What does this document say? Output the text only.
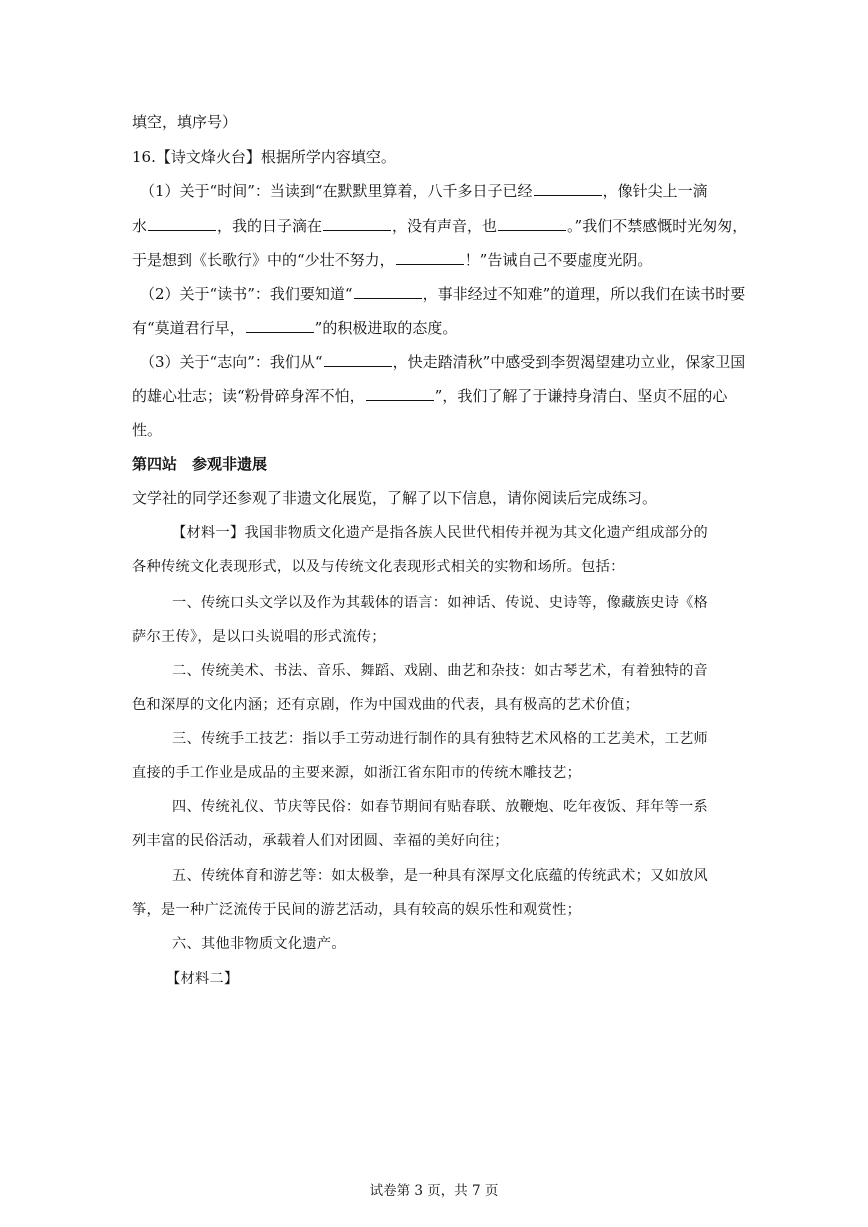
填空，填序号）
16.【诗文烽火台】根据所学内容填空。
（1）关于“时间”：当读到“在默默里算着，八千多日子已经	，像针尖上一滴
水	，我的日子滴在	，没有声音，也	。”我们不禁感慨时光匆匆，
于是想到《长歌行》中的“少壮不努力，	！”告诫自己不要虚度光阴。
（2）关于“读书”：我们要知道“	，事非经过不知难”的道理，所以我们在读书时要
有“莫道君行早，	”的积极进取的态度。
（3）关于“志向”：我们从“	，快走踏清秋”中感受到李贺渴望建功立业，保家卫国
的雄心壮志；读“粉骨碎身浑不怕，	”，我们了解了于谦持身清白、坚贞不屈的心
性。
第四站　参观非遗展
文学社的同学还参观了非遗文化展览，了解了以下信息，请你阅读后完成练习。
【材料一】我国非物质文化遗产是指各族人民世代相传并视为其文化遗产组成部分的
各种传统文化表现形式，以及与传统文化表现形式相关的实物和场所。包括：
一、传统口头文学以及作为其载体的语言：如神话、传说、史诗等，像藏族史诗《格
萨尔王传》，是以口头说唱的形式流传；
二、传统美术、书法、音乐、舞蹈、戏剧、曲艺和杂技：如古琴艺术，有着独特的音
色和深厚的文化内涵；还有京剧，作为中国戏曲的代表，具有极高的艺术价值；
三、传统手工技艺：指以手工劳动进行制作的具有独特艺术风格的工艺美术，工艺师
直接的手工作业是成品的主要来源，如浙江省东阳市的传统木雕技艺；
四、传统礼仪、节庆等民俗：如春节期间有贴春联、放鞭炮、吃年夜饭、拜年等一系
列丰富的民俗活动，承载着人们对团圆、幸福的美好向往；
五、传统体育和游艺等：如太极拳，是一种具有深厚文化底蕴的传统武术；又如放风
筝，是一种广泛流传于民间的游艺活动，具有较高的娱乐性和观赏性；
六、其他非物质文化遗产。
【材料二】
试卷第 3 页，共 7 页
